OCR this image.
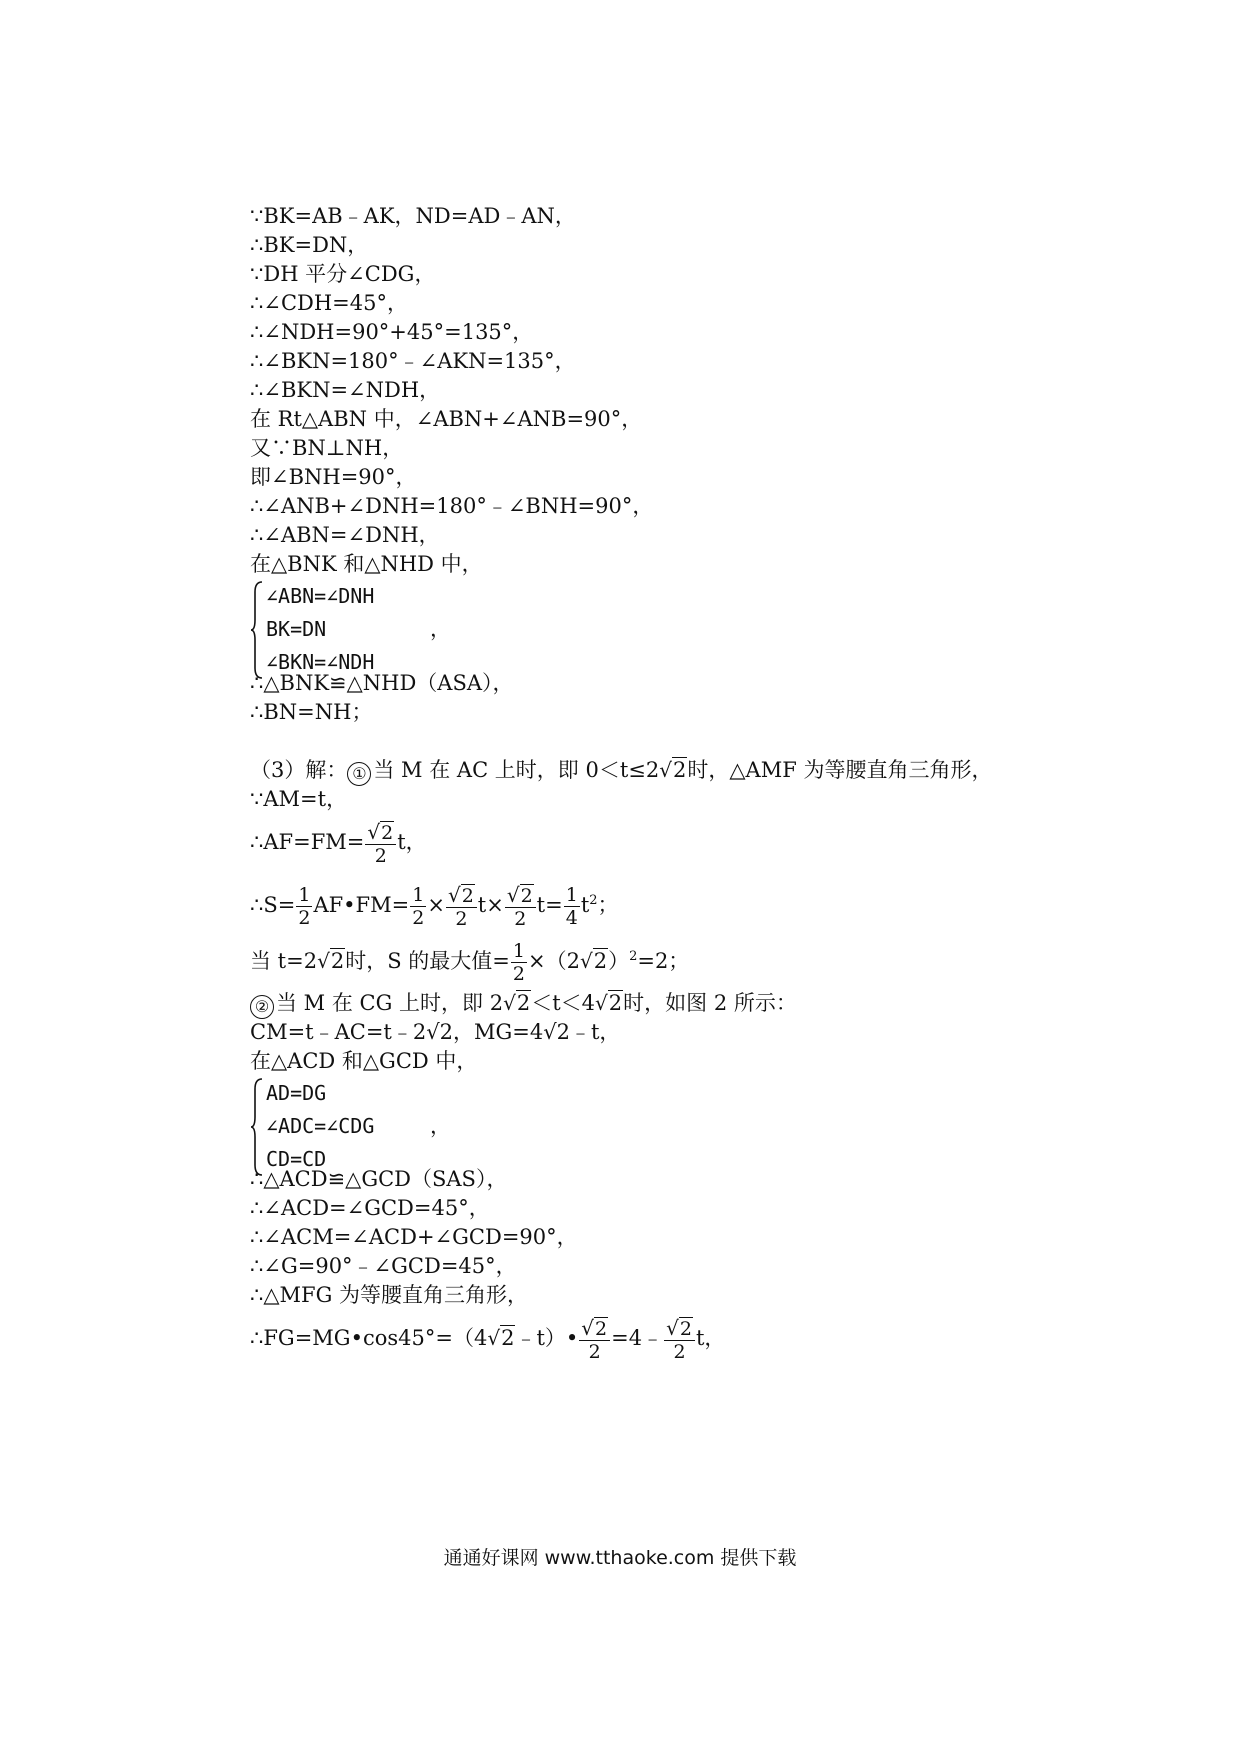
∵BK=AB﹣AK，ND=AD﹣AN，
∴BK=DN，
∵DH 平分∠CDG，
∴∠CDH=45°，
∴∠NDH=90°+45°=135°，
∴∠BKN=180°﹣∠AKN=135°，
∴∠BKN=∠NDH，
在 Rt△ABN 中，∠ABN+∠ANB=90°，
又∵BN⊥NH，
即∠BNH=90°，
∴∠ANB+∠DNH=180°﹣∠BNH=90°，
∴∠ABN=∠DNH，
在△BNK 和△NHD 中，
∠ABN=∠DNH
BK=DN
∠BKN=∠NDH
，
∴△BNK≌△NHD（ASA），
∴BN=NH；
（3）解： ① 当 M 在 AC 上时，即 0＜t≤2√2时，△AMF 为等腰直角三角形，
∵AM=t，
∴AF=FM= $\frac{√2}{2}$ t，
∴S= $\frac{1}{2}$ AF•FM= $\frac{1}{2} \times \frac{√2}{2} t\times \frac{√2}{2} t= \frac{1}{4} t^2$；
当 t=2√2时，S 的最大值= $\frac{1}{2} \times(2√2)^2=2$；
② 当 M 在 CG 上时，即 2√2＜t＜4√2时，如图 2 所示：
CM=t﹣AC=t﹣2√2，MG=4√2﹣t，
在△ACD 和△GCD 中，
AD=DG
∠ADC=∠CDG
CD=CD
，
∴△ACD≌△GCD（SAS），
∴∠ACD=∠GCD=45°，
∴∠ACM=∠ACD+∠GCD=90°，
∴∠G=90°﹣∠GCD=45°，
∴△MFG 为等腰直角三角形，
∴FG=MG•cos45°=（4√2﹣t）• $\frac{√2}{2}$ =4﹣ $\frac{√2}{2}$ t，
通通好课网 www.tthaoke.com 提供下载
